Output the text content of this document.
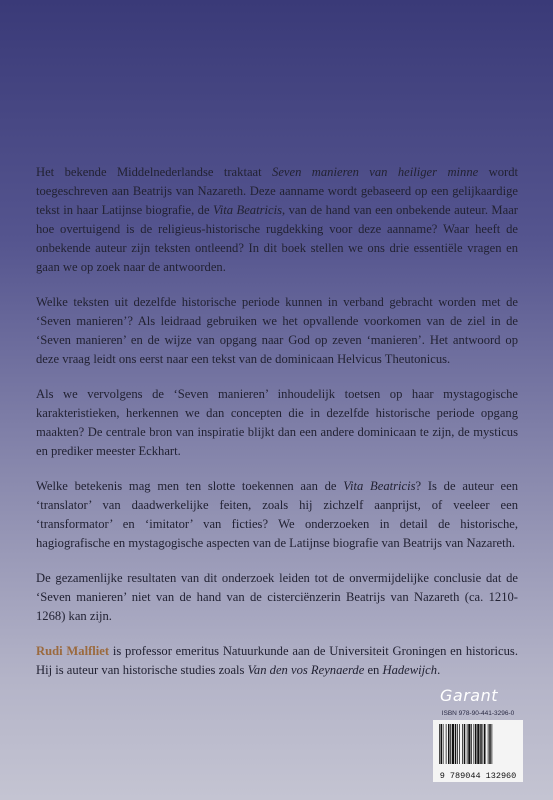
Het bekende Middelnederlandse traktaat Seven manieren van heiliger minne wordt toegeschreven aan Beatrijs van Nazareth. Deze aanname wordt gebaseerd op een gelijkaardige tekst in haar Latijnse biografie, de Vita Beatricis, van de hand van een onbekende auteur. Maar hoe overtuigend is de religieus-historische rugdekking voor deze aanname? Waar heeft de onbekende auteur zijn teksten ontleend? In dit boek stellen we ons drie essentiële vragen en gaan we op zoek naar de antwoorden.

Welke teksten uit dezelfde historische periode kunnen in verband gebracht worden met de ‘Seven manieren’? Als leidraad gebruiken we het opvallende voorkomen van de ziel in de ‘Seven manieren’ en de wijze van opgang naar God op zeven ‘manieren’. Het antwoord op deze vraag leidt ons eerst naar een tekst van de dominicaan Helvicus Theutonicus.

Als we vervolgens de ‘Seven manieren’ inhoudelijk toetsen op haar mystagogische karakteristieken, herkennen we dan concepten die in dezelfde historische periode opgang maakten? De centrale bron van inspiratie blijkt dan een andere dominicaan te zijn, de mysticus en prediker meester Eckhart.

Welke betekenis mag men ten slotte toekennen aan de Vita Beatricis? Is de auteur een ‘translator’ van daadwerkelijke feiten, zoals hij zichzelf aanprijst, of veeleer een ‘transformator’ en ‘imitator’ van ficties? We onderzoeken in detail de historische, hagiografische en mystagogische aspecten van de Latijnse biografie van Beatrijs van Nazareth.

De gezamenlijke resultaten van dit onderzoek leiden tot de onvermijdelijke conclusie dat de ‘Seven manieren’ niet van de hand van de cisterciënzerin Beatrijs van Nazareth (ca. 1210-1268) kan zijn.

Rudi Malfliet is professor emeritus Natuurkunde aan de Universiteit Groningen en historicus. Hij is auteur van historische studies zoals Van den vos Reynaerde en Hadewijch.

Garant
ISBN 978-90-441-3296-0
9 789044 132960
